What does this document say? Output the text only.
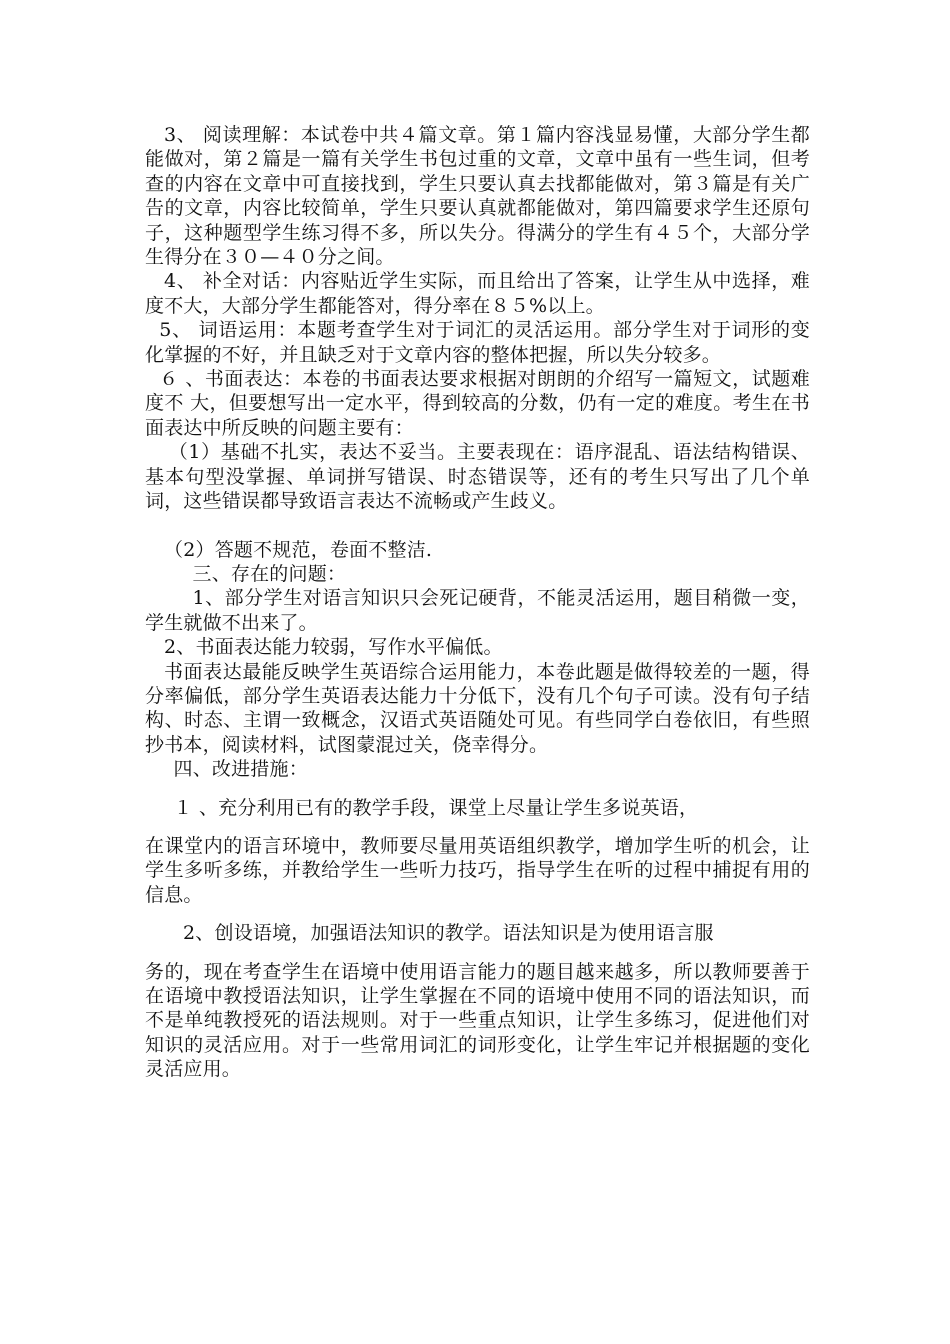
3、 阅读理解：本试卷中共４篇文章。第１篇内容浅显易懂，大部分学生都能做对，第２篇是一篇有关学生书包过重的文章，文章中虽有一些生词，但考查的内容在文章中可直接找到，学生只要认真去找都能做对，第３篇是有关广告的文章，内容比较简单，学生只要认真就都能做对，第四篇要求学生还原句子，这种题型学生练习得不多，所以失分。得满分的学生有４５个，大部分学生得分在３０—４０分之间。

4、 补全对话：内容贴近学生实际，而且给出了答案，让学生从中选择，难度不大，大部分学生都能答对，得分率在８５%以上。

5、 词语运用：本题考查学生对于词汇的灵活运用。部分学生对于词形的变化掌握的不好，并且缺乏对于文章内容的整体把握，所以失分较多。

６ 、书面表达：本卷的书面表达要求根据对朗朗的介绍写一篇短文，试题难度不 大，但要想写出一定水平，得到较高的分数，仍有一定的难度。考生在书面表达中所反映的问题主要有：

（1）基础不扎实，表达不妥当。主要表现在：语序混乱、语法结构错误、基本句型没掌握、单词拼写错误、时态错误等，还有的考生只写出了几个单词，这些错误都导致语言表达不流畅或产生歧义。

（2）答题不规范，卷面不整洁.

三、存在的问题：

1、部分学生对语言知识只会死记硬背，不能灵活运用，题目稍微一变，学生就做不出来了。

2、书面表达能力较弱，写作水平偏低。

书面表达最能反映学生英语综合运用能力，本卷此题是做得较差的一题，得分率偏低，部分学生英语表达能力十分低下，没有几个句子可读。没有句子结构、时态、主谓一致概念，汉语式英语随处可见。有些同学白卷依旧，有些照抄书本，阅读材料，试图蒙混过关，侥幸得分。

四、改进措施：

１ 、充分利用已有的教学手段，课堂上尽量让学生多说英语，

在课堂内的语言环境中，教师要尽量用英语组织教学，增加学生听的机会，让学生多听多练，并教给学生一些听力技巧，指导学生在听的过程中捕捉有用的信息。

2、创设语境，加强语法知识的教学。语法知识是为使用语言服

务的，现在考查学生在语境中使用语言能力的题目越来越多，所以教师要善于在语境中教授语法知识，让学生掌握在不同的语境中使用不同的语法知识，而不是单纯教授死的语法规则。对于一些重点知识，让学生多练习，促进他们对知识的灵活应用。对于一些常用词汇的词形变化，让学生牢记并根据题的变化灵活应用。
